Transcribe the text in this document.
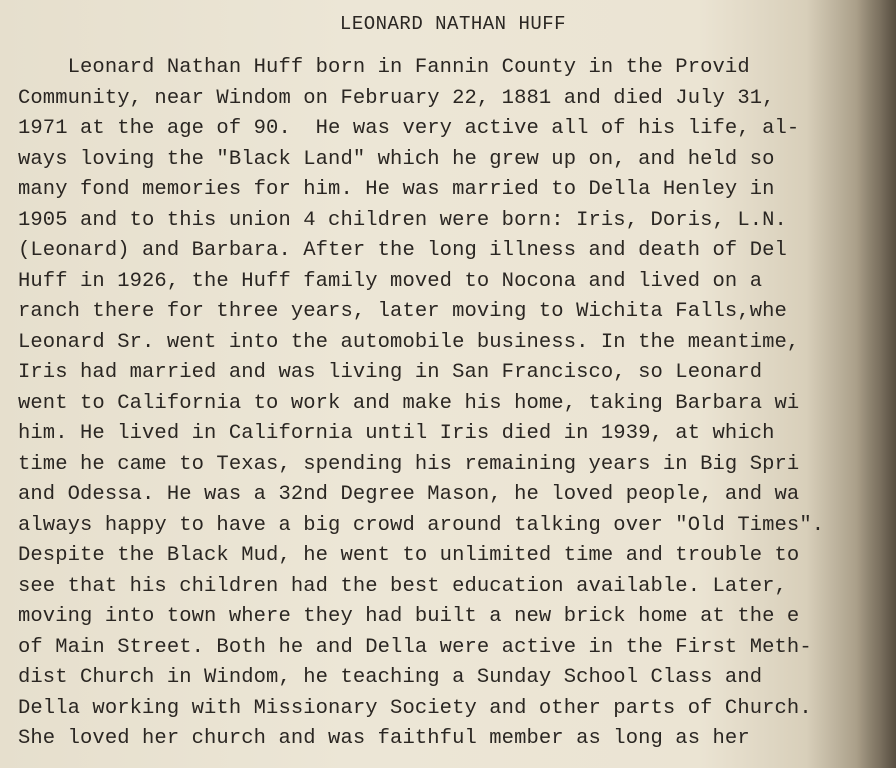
LEONARD NATHAN HUFF
Leonard Nathan Huff born in Fannin County in the Provid
Community, near Windom on February 22, 1881 and died July 31,
1971 at the age of 90.  He was very active all of his life, al-
ways loving the "Black Land" which he grew up on, and held so
many fond memories for him. He was married to Della Henley in
1905 and to this union 4 children were born: Iris, Doris, L.N.
(Leonard) and Barbara. After the long illness and death of Del
Huff in 1926, the Huff family moved to Nocona and lived on a
ranch there for three years, later moving to Wichita Falls,whe
Leonard Sr. went into the automobile business. In the meantime,
Iris had married and was living in San Francisco, so Leonard
went to California to work and make his home, taking Barbara wi
him. He lived in California until Iris died in 1939, at which
time he came to Texas, spending his remaining years in Big Spri
and Odessa. He was a 32nd Degree Mason, he loved people, and wa
always happy to have a big crowd around talking over "Old Times".
Despite the Black Mud, he went to unlimited time and trouble to
see that his children had the best education available. Later,
moving into town where they had built a new brick home at the e
of Main Street. Both he and Della were active in the First Meth-
dist Church in Windom, he teaching a Sunday School Class and
Della working with Missionary Society and other parts of Church.
She loved her church and was faithful member as long as her
